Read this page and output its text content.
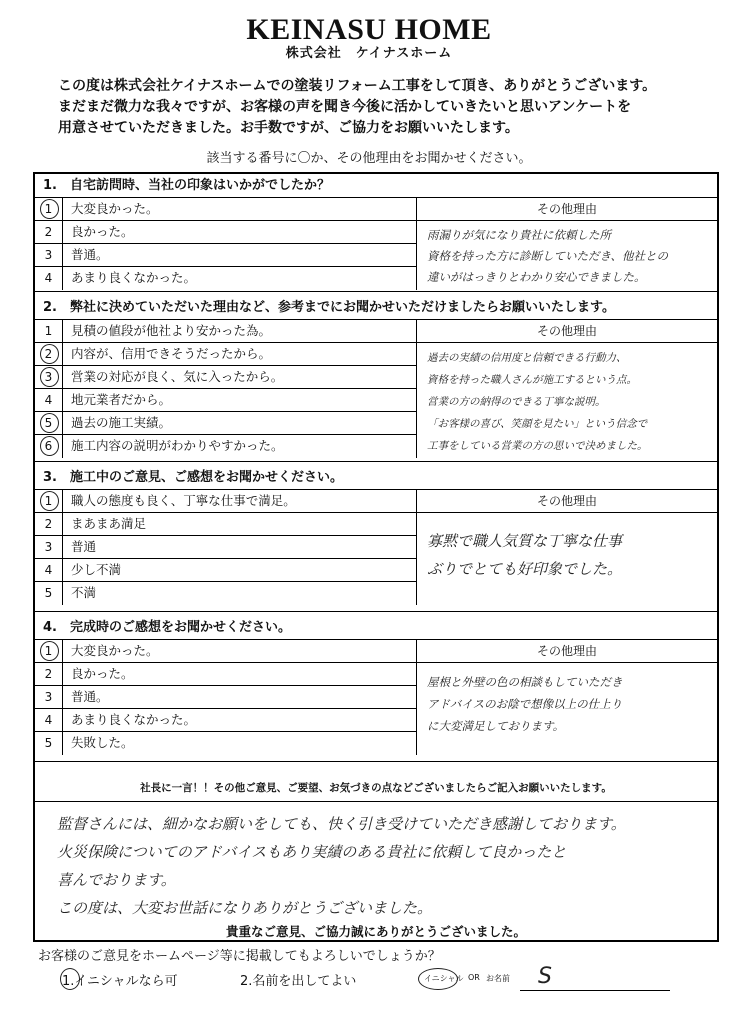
KEINASU HOME
株式会社　ケイナスホーム
この度は株式会社ケイナスホームでの塗装リフォーム工事をして頂き、ありがとうございます。
まだまだ微力な我々ですが、お客様の声を聞き今後に活かしていきたいと思いアンケートを
用意させていただきました。お手数ですが、ご協力をお願いいたします。
該当する番号に〇か、その他理由をお聞かせください。
1.　自宅訪問時、当社の印象はいかがでしたか？
1	大変良かった。
2	良かった。
3	普通。
4	あまり良くなかった。
その他理由
雨漏りが気になり貴社に依頼した所
資格を持った方に診断していただき、他社との
違いがはっきりとわかり安心できました。
2.　弊社に決めていただいた理由など、参考までにお聞かせいただけましたらお願いいたします。
1	見積の値段が他社より安かった為。
2	内容が、信用できそうだったから。
3	営業の対応が良く、気に入ったから。
4	地元業者だから。
5	過去の施工実績。
6	施工内容の説明がわかりやすかった。
その他理由
過去の実績の信用度と信頼できる行動力、
資格を持った職人さんが施工するという点。
営業の方の納得のできる丁寧な説明。
「お客様の喜び、笑顔を見たい」という信念で
工事をしている営業の方の思いで決めました。
3.　施工中のご意見、ご感想をお聞かせください。
1	職人の態度も良く、丁寧な仕事で満足。
2	まあまあ満足
3	普通
4	少し不満
5	不満
その他理由
寡黙で職人気質な丁寧な仕事
ぶりでとても好印象でした。
4.　完成時のご感想をお聞かせください。
1	大変良かった。
2	良かった。
3	普通。
4	あまり良くなかった。
5	失敗した。
その他理由
屋根と外壁の色の相談もしていただき
アドバイスのお陰で想像以上の仕上り
に大変満足しております。
社長に一言！！その他ご意見、ご要望、お気づきの点などございましたらご記入お願いいたします。
監督さんには、細かなお願いをしても、快く引き受けていただき感謝しております。
火災保険についてのアドバイスもあり実績のある貴社に依頼して良かったと
喜んでおります。
この度は、大変お世話になりありがとうございました。
貴重なご意見、ご協力誠にありがとうございました。
お客様のご意見をホームページ等に掲載してもよろしいでしょうか？
1.イニシャルなら可	2.名前を出してよい	イニシャル OR お名前 S
